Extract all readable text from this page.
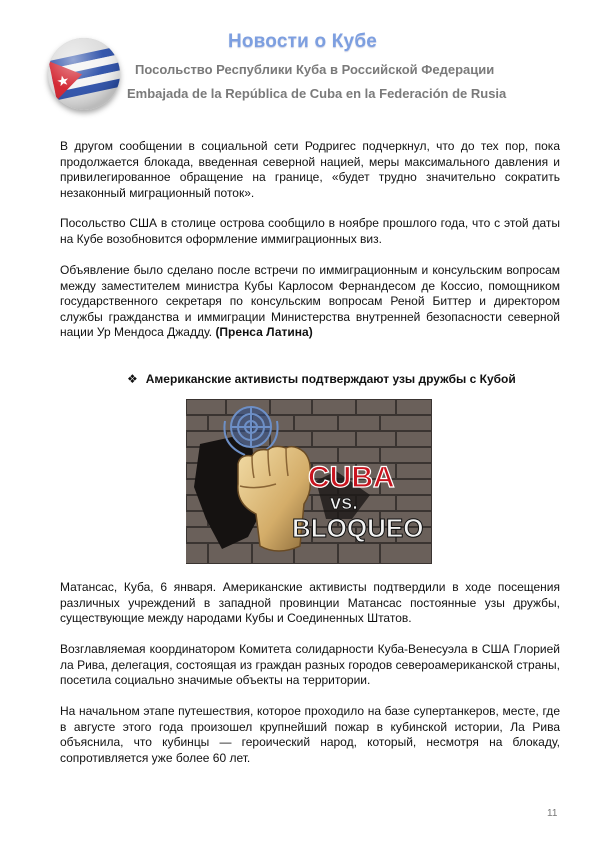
Новости о Кубе
Посольство Республики Куба в Российской Федерации
Embajada de la República de Cuba en la Federación de Rusia

В другом сообщении в социальной сети Родригес подчеркнул, что до тех пор, пока продолжается блокада, введенная северной нацией, меры максимального давления и привилегированное обращение на границе, «будет трудно значительно сократить незаконный миграционный поток».

Посольство США в столице острова сообщило в ноябре прошлого года, что с этой даты на Кубе возобновится оформление иммиграционных виз.

Объявление было сделано после встречи по иммиграционным и консульским вопросам между заместителем министра Кубы Карлосом Фернандесом де Коссио, помощником государственного секретаря по консульским вопросам Реной Биттер и директором службы гражданства и иммиграции Министерства внутренней безопасности северной нации Ур Мендоса Джадду. (Пренса Латина)

❖ Американские активисты подтверждают узы дружбы с Кубой
CUBA
vs.
BLOQUEO

Матансас, Куба, 6 января. Американские активисты подтвердили в ходе посещения различных учреждений в западной провинции Матансас постоянные узы дружбы, существующие между народами Кубы и Соединенных Штатов.

Возглавляемая координатором Комитета солидарности Куба-Венесуэла в США Глорией ла Рива, делегация, состоящая из граждан разных городов североамериканской страны, посетила социально значимые объекты на территории.

На начальном этапе путешествия, которое проходило на базе супертанкеров, месте, где в августе этого года произошел крупнейший пожар в кубинской истории, Ла Рива объяснила, что кубинцы — героический народ, который, несмотря на блокаду, сопротивляется уже более 60 лет.

11
